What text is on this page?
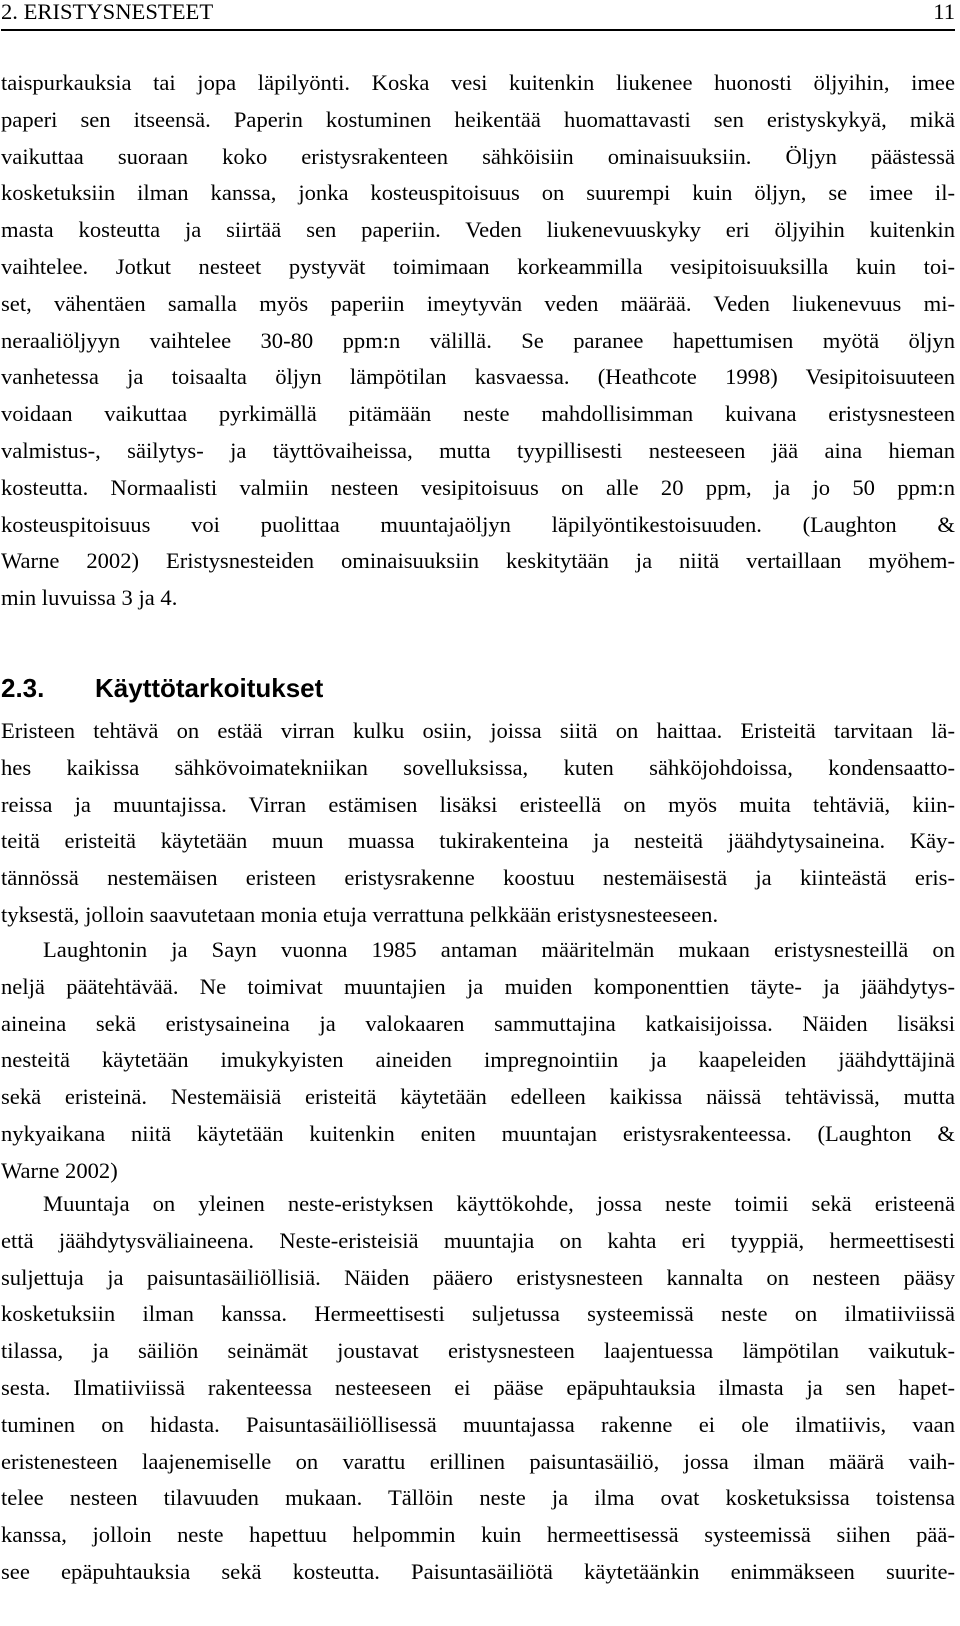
2. ERISTYSNESTEET	11
taispurkauksia tai jopa läpilyönti. Koska vesi kuitenkin liukenee huonosti öljyihin, imee
paperi sen itseensä. Paperin kostuminen heikentää huomattavasti sen eristyskykyä, mikä
vaikuttaa suoraan koko eristysrakenteen sähköisiin ominaisuuksiin. Öljyn päästessä
kosketuksiin ilman kanssa, jonka kosteuspitoisuus on suurempi kuin öljyn, se imee il-
masta kosteutta ja siirtää sen paperiin. Veden liukenevuuskyky eri öljyihin kuitenkin
vaihtelee. Jotkut nesteet pystyvät toimimaan korkeammilla vesipitoisuuksilla kuin toi-
set, vähentäen samalla myös paperiin imeytyvän veden määrää. Veden liukenevuus mi-
neraaliöljyyn vaihtelee 30-80 ppm:n välillä. Se paranee hapettumisen myötä öljyn
vanhetessa ja toisaalta öljyn lämpötilan kasvaessa. (Heathcote 1998) Vesipitoisuuteen
voidaan vaikuttaa pyrkimällä pitämään neste mahdollisimman kuivana eristysnesteen
valmistus-, säilytys- ja täyttövaiheissa, mutta tyypillisesti nesteeseen jää aina hieman
kosteutta. Normaalisti valmiin nesteen vesipitoisuus on alle 20 ppm, ja jo 50 ppm:n
kosteuspitoisuus voi puolittaa muuntajaöljyn läpilyöntikestoisuuden. (Laughton &
Warne 2002) Eristysnesteiden ominaisuuksiin keskitytään ja niitä vertaillaan myöhem-
min luvuissa 3 ja 4.
2.3. Käyttötarkoitukset
Eristeen tehtävä on estää virran kulku osiin, joissa siitä on haittaa. Eristeitä tarvitaan lä-
hes kaikissa sähkövoimatekniikan sovelluksissa, kuten sähköjohdoissa, kondensaatto-
reissa ja muuntajissa. Virran estämisen lisäksi eristeellä on myös muita tehtäviä, kiin-
teitä eristeitä käytetään muun muassa tukirakenteina ja nesteitä jäähdytysaineina. Käy-
tännössä nestemäisen eristeen eristysrakenne koostuu nestemäisestä ja kiinteästä eris-
tyksestä, jolloin saavutetaan monia etuja verrattuna pelkkään eristysnesteeseen.
Laughtonin ja Sayn vuonna 1985 antaman määritelmän mukaan eristysnesteillä on
neljä päätehtävää. Ne toimivat muuntajien ja muiden komponenttien täyte- ja jäähdytys-
aineina sekä eristysaineina ja valokaaren sammuttajina katkaisijoissa. Näiden lisäksi
nesteitä käytetään imukykyisten aineiden impregnointiin ja kaapeleiden jäähdyttäjinä
sekä eristeinä. Nestemäisiä eristeitä käytetään edelleen kaikissa näissä tehtävissä, mutta
nykyaikana niitä käytetään kuitenkin eniten muuntajan eristysrakenteessa. (Laughton &
Warne 2002)
Muuntaja on yleinen neste-eristyksen käyttökohde, jossa neste toimii sekä eristeenä
että jäähdytysväliaineena. Neste-eristeisiä muuntajia on kahta eri tyyppiä, hermeettisesti
suljettuja ja paisuntasäiliöllisiä. Näiden pääero eristysnesteen kannalta on nesteen pääsy
kosketuksiin ilman kanssa. Hermeettisesti suljetussa systeemissä neste on ilmatiiviissä
tilassa, ja säiliön seinämät joustavat eristysnesteen laajentuessa lämpötilan vaikutuk-
sesta. Ilmatiiviissä rakenteessa nesteeseen ei pääse epäpuhtauksia ilmasta ja sen hapet-
tuminen on hidasta. Paisuntasäiliöllisessä muuntajassa rakenne ei ole ilmatiivis, vaan
eristenesteen laajenemiselle on varattu erillinen paisuntasäiliö, jossa ilman määrä vaih-
telee nesteen tilavuuden mukaan. Tällöin neste ja ilma ovat kosketuksissa toistensa
kanssa, jolloin neste hapettuu helpommin kuin hermeettisessä systeemissä siihen pää-
see epäpuhtauksia sekä kosteutta. Paisuntasäiliötä käytetäänkin enimmäkseen suurite-
